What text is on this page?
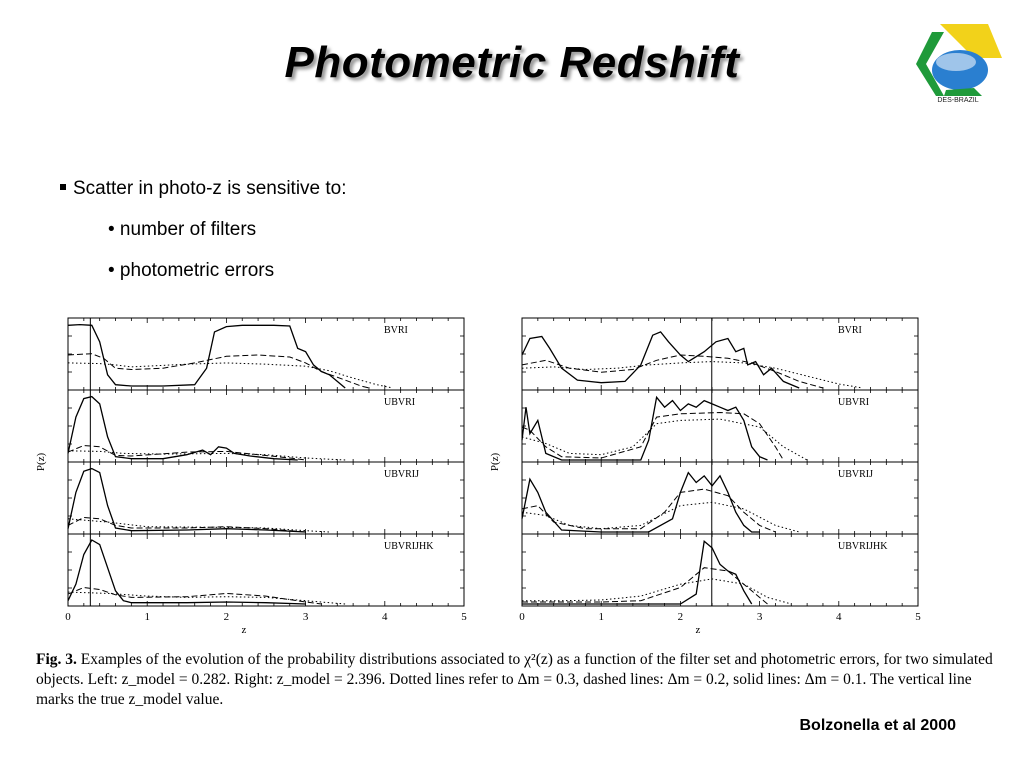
Photometric Redshift
DES-BRAZIL
Scatter in photo-z is sensitive to:
• number of filters
• photometric errors
P(z)
BVRI
UBVRI
UBVRIJ
UBVRIJHK
0	1	2	3	4	5
z
P(z)
BVRI
UBVRI
UBVRIJ
UBVRIJHK
0	1	2	3	4	5
z
Fig. 3. Examples of the evolution of the probability distributions associated to χ²(z) as a function of the filter set and photometric errors, for two simulated objects. Left: z_model = 0.282. Right: z_model = 2.396. Dotted lines refer to Δm = 0.3, dashed lines: Δm = 0.2, solid lines: Δm = 0.1. The vertical line marks the true z_model value.
Bolzonella et al 2000
